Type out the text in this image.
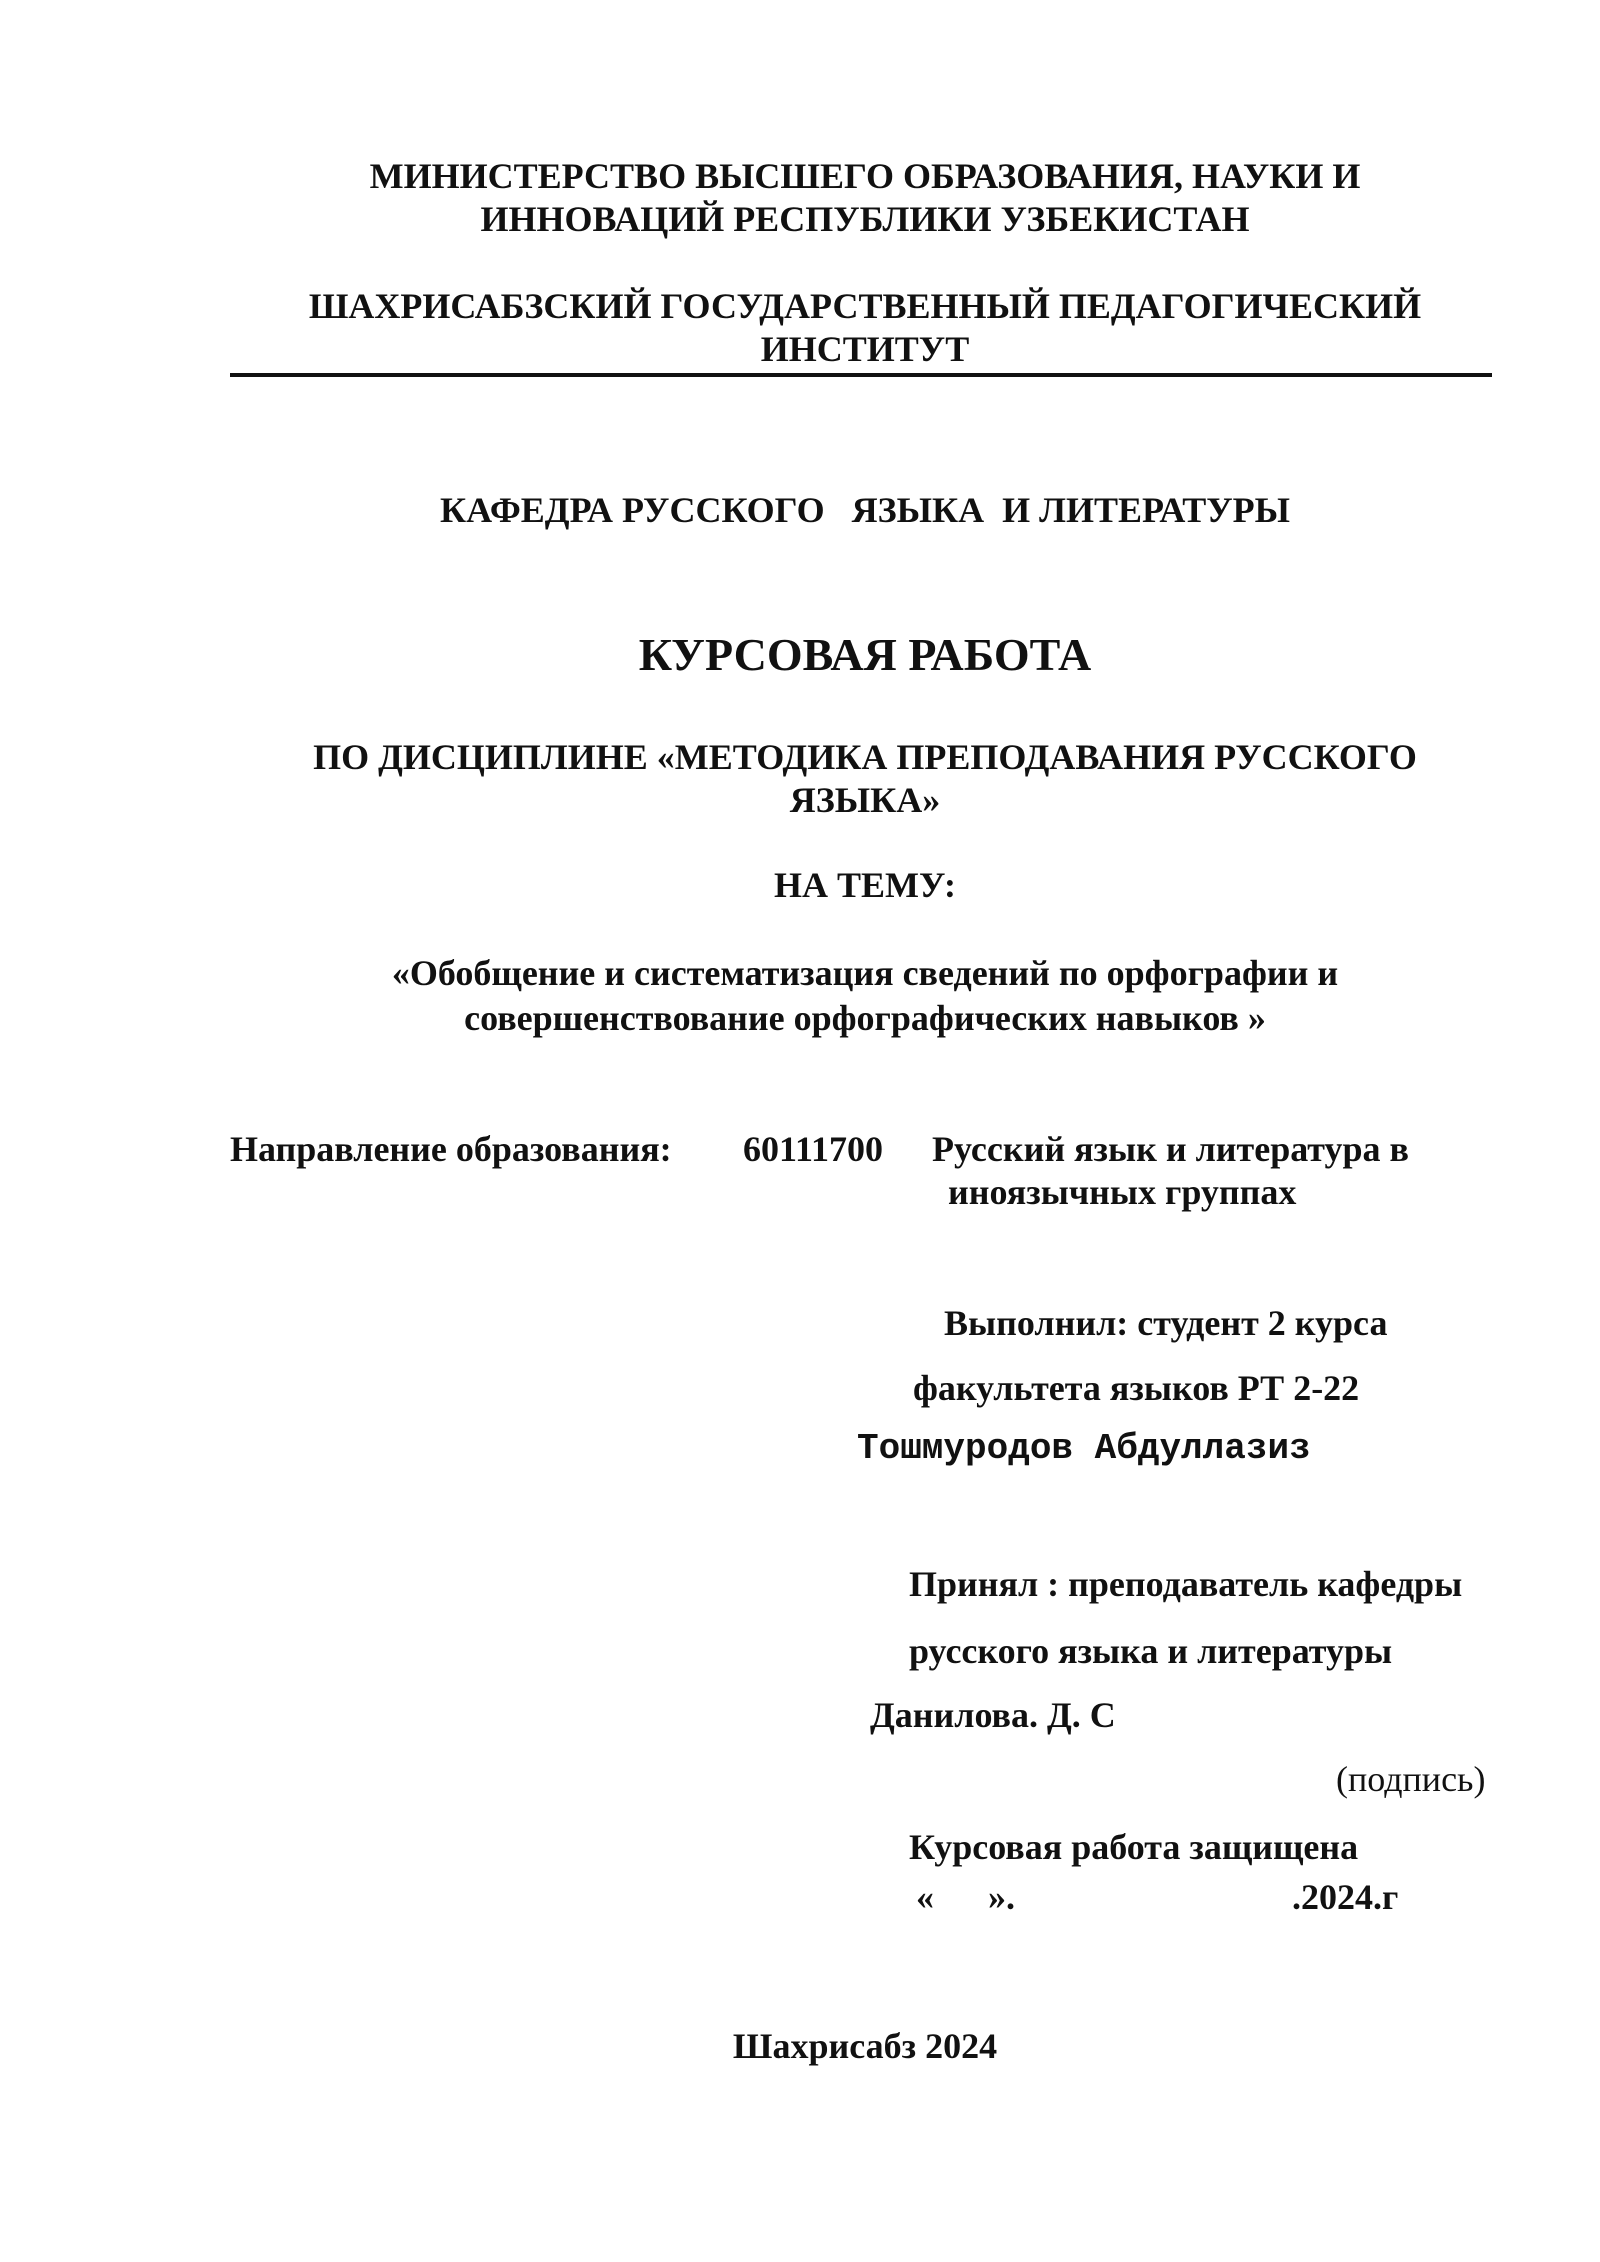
МИНИСТЕРСТВО ВЫСШЕГО ОБРАЗОВАНИЯ, НАУКИ И
ИННОВАЦИЙ РЕСПУБЛИКИ УЗБЕКИСТАН
ШАХРИСАБЗСКИЙ ГОСУДАРСТВЕННЫЙ ПЕДАГОГИЧЕСКИЙ
ИНСТИТУТ
КАФЕДРА РУССКОГО   ЯЗЫКА  И ЛИТЕРАТУРЫ
КУРСОВАЯ РАБОТА
ПО ДИСЦИПЛИНЕ «МЕТОДИКА ПРЕПОДАВАНИЯ РУССКОГО
ЯЗЫКА»
НА ТЕМУ:
«Обобщение и систематизация сведений по орфографии и
совершенствование орфографических навыков »
Направление образования: 60111700 Русский язык и литература в
иноязычных группах
Выполнил: студент 2 курса
факультета языков РТ 2-22
Тошмуродов Абдуллазиз
Принял : преподаватель кафедры
русского языка и литературы
Данилова. Д. С
(подпись)
Курсовая работа защищена
« ».	.2024.г
Шахрисабз 2024
